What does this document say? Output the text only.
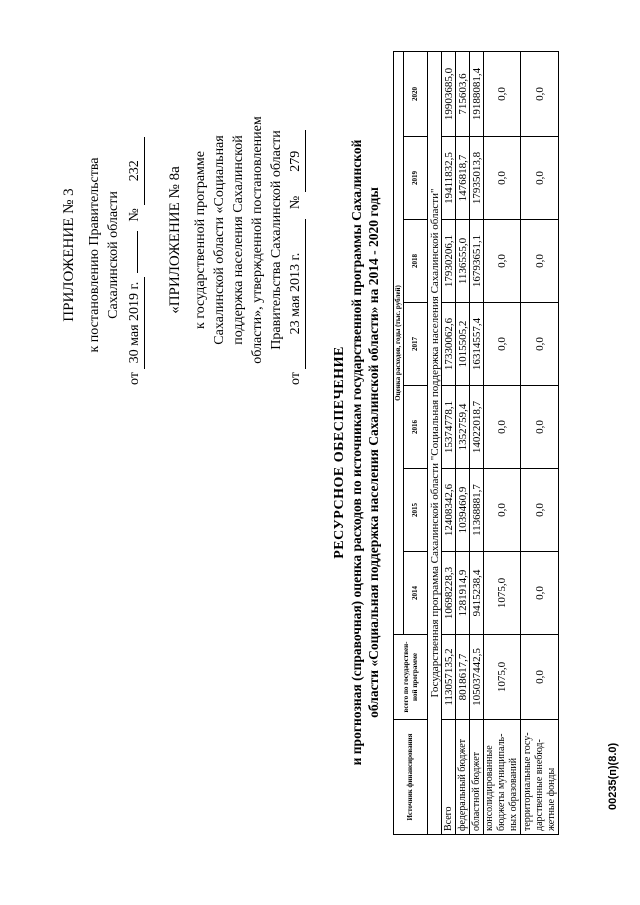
ПРИЛОЖЕНИЕ № 3 к постановлению Правительства Сахалинской области
от 30 мая 2019 г.  № 232 «ПРИЛОЖЕНИЕ № 8а к государственной программе Сахалинской области «Социальная поддержка населения Сахалинской области», утвержденной постановлением Правительства Сахалинской области
от 23 мая 2013 г. № 279
РЕСУРСНОЕ ОБЕСПЕЧЕНИЕ и прогнозная (справочная) оценка расходов по источникам государственной программы Сахалинской области «Социальная поддержка населения Сахалинской области» на 2014 - 2020 годы
Источник финансирования	всего по государствен-ной программе	Оценка расходов, годы (тыс. рублей)						
		2014	2015	2016	2017	2018	2019	2020
Государственная программа Сахалинской области "Социальная поддержка населения Сахалинской области"								
Всего	113057135,2	10698228,3	12408342,6	15374778,1	17330062,6	17930206,1	19411832,5	19903685,0
федеральный бюджет	8018617,7	1281914,9	1039460,9	1352759,4	1015505,2	1136555,0	1476818,7	715603,6
областной бюджет	105037442,5	9415238,4	11368881,7	14022018,7	16314557,4	16793651,1	17935013,8	19188081,4
консолидированные бюджеты муниципаль-ных образований	1075,0	1075,0	0,0	0,0	0,0	0,0	0,0	0,0
территориальные госу-дарственные внебюд-жетные фонды	0,0	0,0	0,0	0,0	0,0	0,0	0,0	0,0
00235(п)(8.0)
